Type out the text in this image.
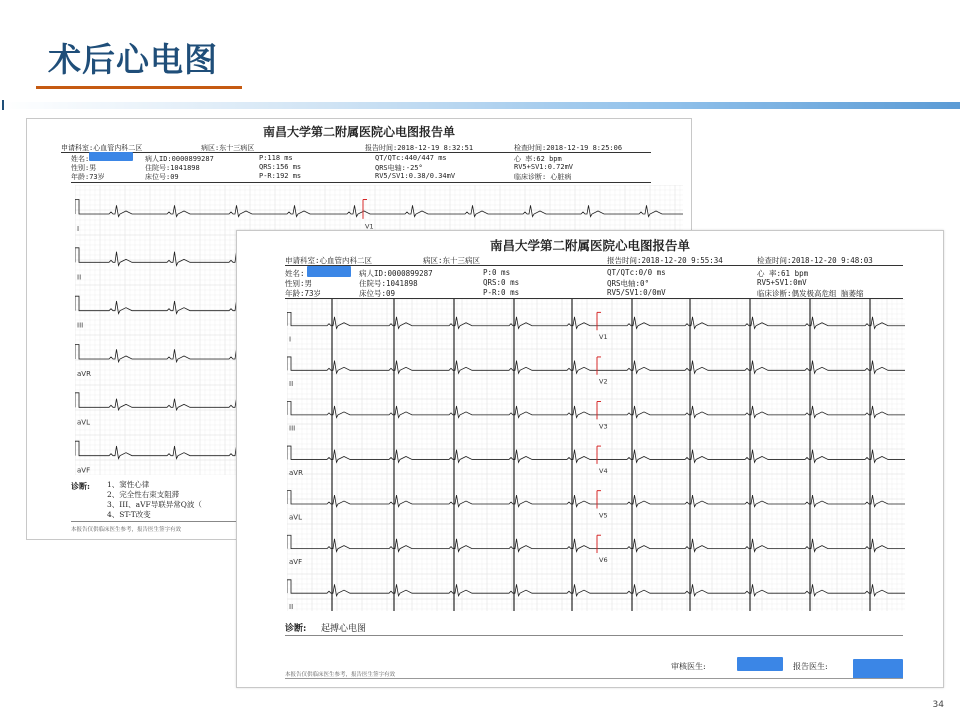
术后心电图
南昌大学第二附属医院心电图报告单
申请科室:心血管内科二区	病区:东十三病区	报告时间:2018-12-19 8:32:51	检查时间:2018-12-19 8:25:06
姓名:	病人ID:0000899287	P:118 ms	QT/QTc:440/447 ms	心 率:62 bpm
性别:男	住院号:1041898	QRS:156 ms	QRS电轴:-25°	RV5+SV1:0.72mV
年龄:73岁	床位号:09	P-R:192 ms	RV5/SV1:0.38/0.34mV	临床诊断: 心脏病
I	V1
II
III
aVR
aVL
aVF
诊断: 1、窦性心律
2、完全性右束支阻滞
3、III、aVF导联异常Q波（
4、ST-T改变
本报告仅供临床医生参考，报告医生签字有效
南昌大学第二附属医院心电图报告单
申请科室:心血管内科二区	病区:东十三病区	报告时间:2018-12-20 9:55:34	检查时间:2018-12-20 9:48:03
姓名:	病人ID:0000899287	P:0 ms	QT/QTc:0/0 ms	心 率:61 bpm
性别:男	住院号:1041898	QRS:0 ms	QRS电轴:0°	RV5+SV1:0mV
年龄:73岁	床位号:09	P-R:0 ms	RV5/SV1:0/0mV	临床诊断:偶发极高危组 脑萎缩
I	V1
II	V2
III	V3
aVR	V4
aVL	V5
aVF	V6
II
诊断: 起搏心电图
审核医生:	报告医生:
本报告仅供临床医生参考，报告医生签字有效
34
